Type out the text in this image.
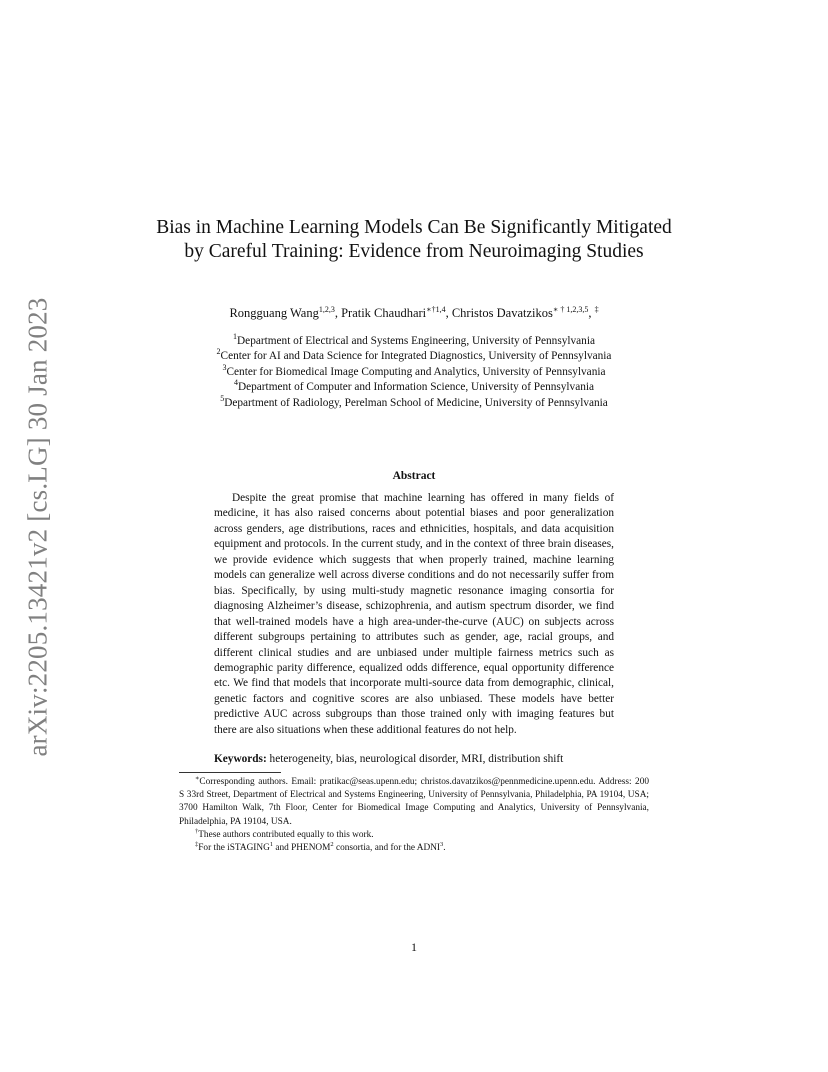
arXiv:2205.13421v2 [cs.LG] 30 Jan 2023
Bias in Machine Learning Models Can Be Significantly Mitigated by Careful Training: Evidence from Neuroimaging Studies
Rongguang Wang$^{1,2,3}$, Pratik Chaudhari$^{∗\dagger 1,4}$, Christos Davatzikos$^{∗ \dagger 1,2,3,5}$, ‡
$^1$Department of Electrical and Systems Engineering, University of Pennsylvania
$^2$Center for AI and Data Science for Integrated Diagnostics, University of Pennsylvania
$^3$Center for Biomedical Image Computing and Analytics, University of Pennsylvania
$^4$Department of Computer and Information Science, University of Pennsylvania
$^5$Department of Radiology, Perelman School of Medicine, University of Pennsylvania
Abstract

Despite the great promise that machine learning has offered in many fields of medicine, it has also raised concerns about potential biases and poor generalization across genders, age distributions, races and ethnicities, hospitals, and data acquisition equipment and protocols. In the current study, and in the context of three brain diseases, we provide evidence which suggests that when properly trained, machine learning models can generalize well across diverse conditions and do not necessarily suffer from bias. Specifically, by using multi-study magnetic resonance imaging consortia for diagnosing Alzheimer’s disease, schizophrenia, and autism spectrum disorder, we find that well-trained models have a high area-under-the-curve (AUC) on subjects across different subgroups pertaining to attributes such as gender, age, racial groups, and different clinical studies and are unbiased under multiple fairness metrics such as demographic parity difference, equalized odds difference, equal opportunity difference etc. We find that models that incorporate multi-source data from demographic, clinical, genetic factors and cognitive scores are also unbiased. These models have better predictive AUC across subgroups than those trained only with imaging features but there are also situations when these additional features do not help.

Keywords: heterogeneity, bias, neurological disorder, MRI, distribution shift

∗Corresponding authors. Email: pratikac@seas.upenn.edu; christos.davatzikos@pennmedicine.upenn.edu. Address: 200 S 33rd Street, Department of Electrical and Systems Engineering, University of Pennsylvania, Philadelphia, PA 19104, USA; 3700 Hamilton Walk, 7th Floor, Center for Biomedical Image Computing and Analytics, University of Pennsylvania, Philadelphia, PA 19104, USA.

†These authors contributed equally to this work.

‡For the iSTAGING$^1$ and PHENOM$^2$ consortia, and for the ADNI$^3$.

1
